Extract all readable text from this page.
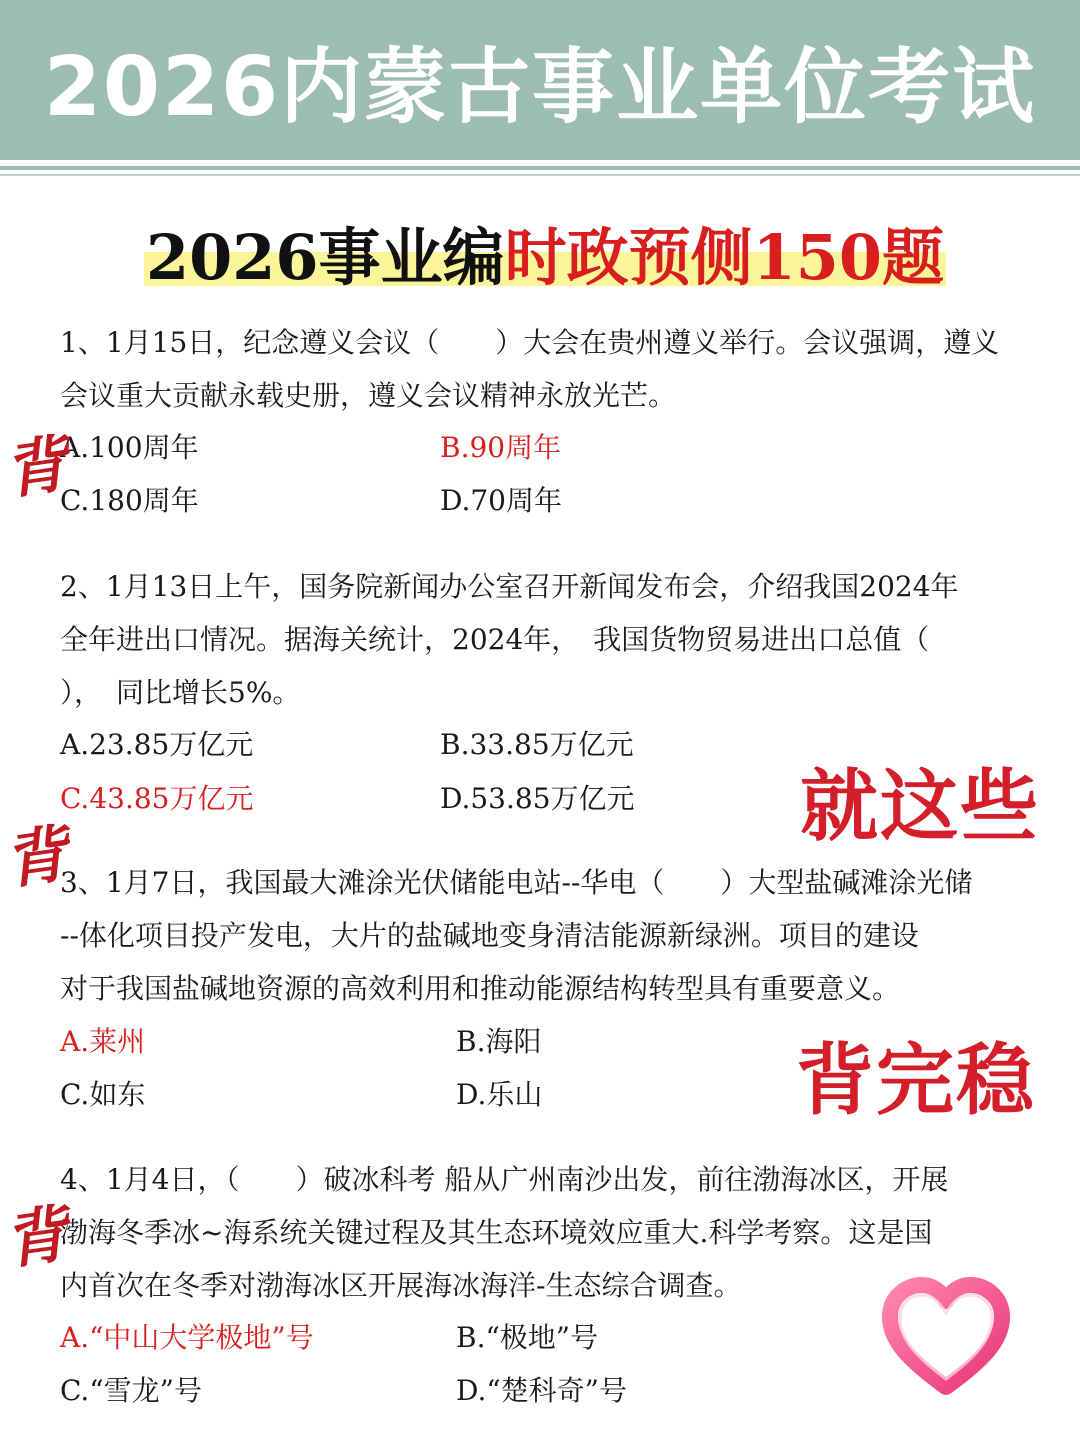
2026内蒙古事业单位考试
2026事业编 时政预侧150题
1、1月15日，纪念遵义会议（　　）大会在贵州遵义举行。会议强调，遵义
会议重大贡献永载史册，遵义会议精神永放光芒。
A.100周年	B.90周年
C.180周年	D.70周年
2、1月13日上午，国务院新闻办公室召开新闻发布会，介绍我国2024年
全年进出口情况。据海关统计，2024年，　我国货物贸易进出口总值（
），　同比增长5%。
A.23.85万亿元	B.33.85万亿元
C.43.85万亿元	D.53.85万亿元
3、1月7日，我国最大滩涂光伏储能电站--华电（　　）大型盐碱滩涂光储
--体化项目投产发电，大片的盐碱地变身清洁能源新绿洲。项目的建设
对于我国盐碱地资源的高效利用和推动能源结构转型具有重要意义。
A.莱州	B.海阳
C.如东	D.乐山
4、1月4日，（　　）破冰科考 船从广州南沙出发，前往渤海冰区，开展
渤海冬季冰~海系统关键过程及其生态环境效应重大.科学考察。这是国
内首次在冬季对渤海冰区开展海冰海洋-生态综合调查。
A.“中山大学极地”号	B.“极地”号
C.“雪龙”号	D.“楚科奇”号
就这些
背完稳
背
背
背
